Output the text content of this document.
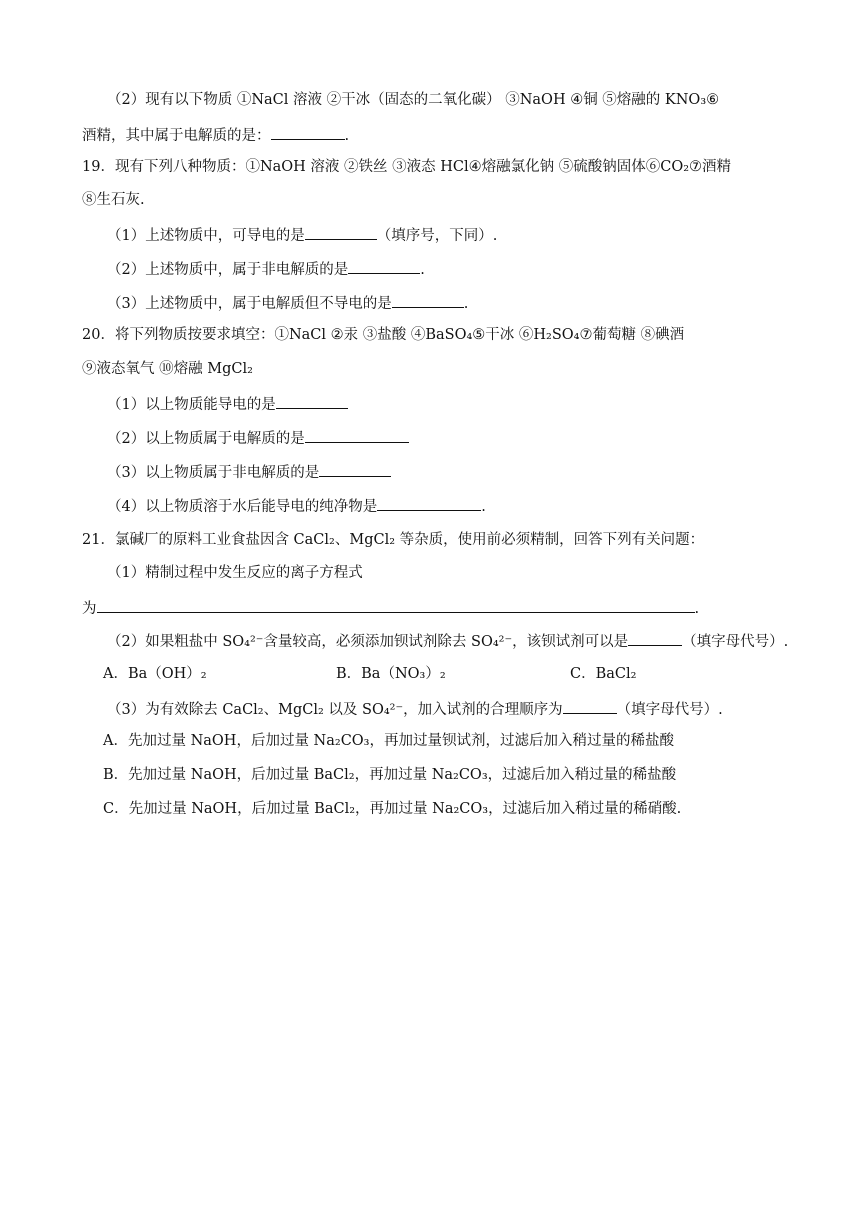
（2）现有以下物质 ①NaCl 溶液 ②干冰（固态的二氧化碳） ③NaOH ④铜 ⑤熔融的 KNO₃⑥
酒精，其中属于电解质的是：	.
19．现有下列八种物质：①NaOH 溶液 ②铁丝 ③液态 HCl④熔融氯化钠 ⑤硫酸钠固体⑥CO₂⑦酒精
⑧生石灰.
（1）上述物质中，可导电的是	（填序号，下同）.
（2）上述物质中，属于非电解质的是	.
（3）上述物质中，属于电解质但不导电的是	.
20．将下列物质按要求填空：①NaCl ②汞 ③盐酸 ④BaSO₄⑤干冰 ⑥H₂SO₄⑦葡萄糖 ⑧碘酒
⑨液态氧气 ⑩熔融 MgCl₂
（1）以上物质能导电的是
（2）以上物质属于电解质的是
（3）以上物质属于非电解质的是
（4）以上物质溶于水后能导电的纯净物是	.
21．氯碱厂的原料工业食盐因含 CaCl₂、MgCl₂ 等杂质，使用前必须精制，回答下列有关问题：
（1）精制过程中发生反应的离子方程式
为	.
（2）如果粗盐中 SO₄²⁻含量较高，必须添加钡试剂除去 SO₄²⁻，该钡试剂可以是	（填字母代号）.
A．Ba（OH）₂	B．Ba（NO₃）₂	C．BaCl₂
（3）为有效除去 CaCl₂、MgCl₂ 以及 SO₄²⁻，加入试剂的合理顺序为	（填字母代号）.
A．先加过量 NaOH，后加过量 Na₂CO₃，再加过量钡试剂，过滤后加入稍过量的稀盐酸
B．先加过量 NaOH，后加过量 BaCl₂，再加过量 Na₂CO₃，过滤后加入稍过量的稀盐酸
C．先加过量 NaOH，后加过量 BaCl₂，再加过量 Na₂CO₃，过滤后加入稍过量的稀硝酸.
